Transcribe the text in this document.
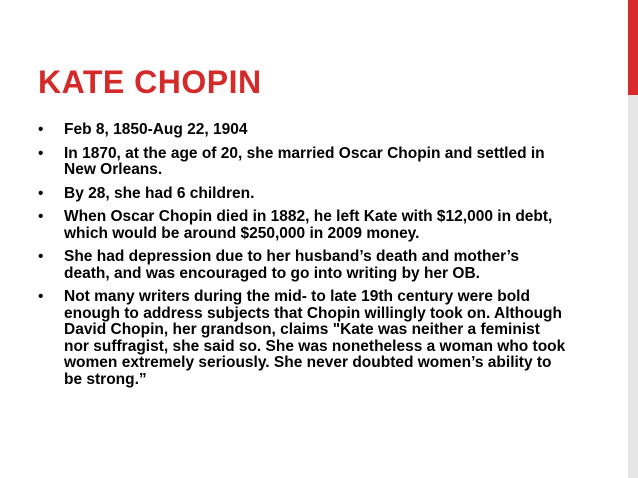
KATE CHOPIN
• Feb 8, 1850-Aug 22, 1904
• In 1870, at the age of 20, she married Oscar Chopin and settled in New Orleans.
• By 28, she had 6 children.
• When Oscar Chopin died in 1882, he left Kate with $12,000 in debt, which would be around $250,000 in 2009 money.
• She had depression due to her husband’s death and mother’s death, and was encouraged to go into writing by her OB.
• Not many writers during the mid- to late 19th century were bold enough to address subjects that Chopin willingly took on. Although David Chopin, her grandson, claims "Kate was neither a feminist nor suffragist, she said so. She was nonetheless a woman who took women extremely seriously. She never doubted women’s ability to be strong.”
